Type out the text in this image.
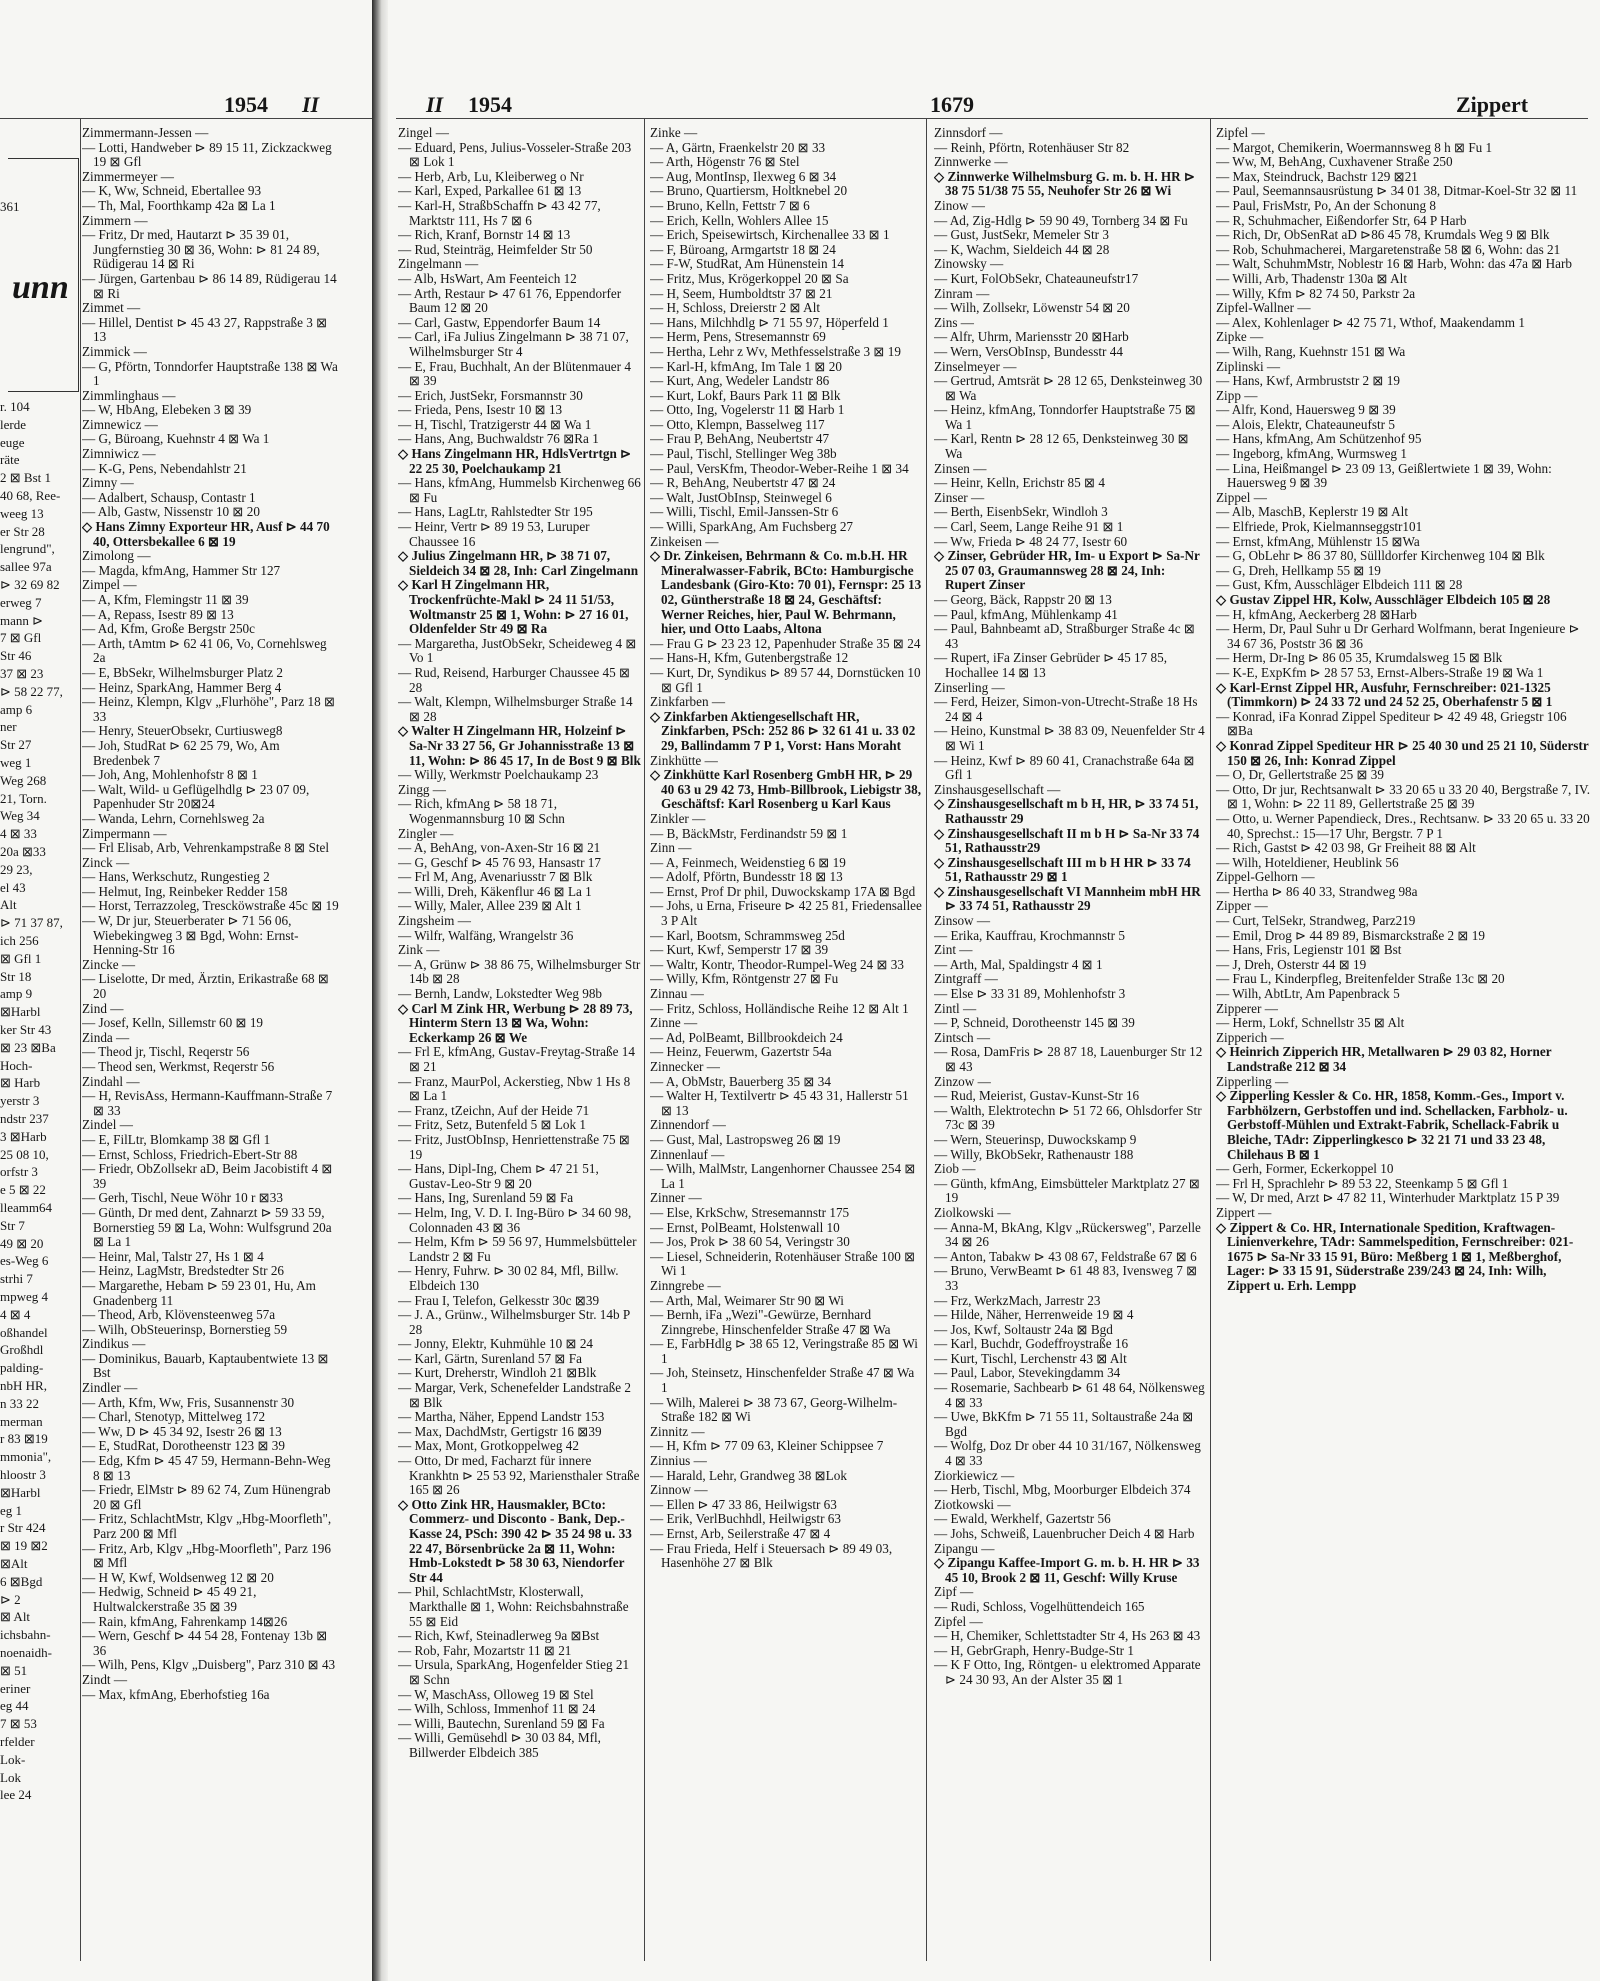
1954 II
361
unn
r. 104
lerde
euge
räte
2 ⊠ Bst 1
40 68, Ree-
weeg 13
er Str 28
lengrund",
sallee 97a
⊳ 32 69 82
erweg 7
mann ⊳
7 ⊠ Gfl
Str 46
37 ⊠ 23
⊳ 58 22 77,
amp 6
ner
Str 27
weg 1
Weg 268
21, Torn.
Weg 34
4 ⊠ 33
20a ⊠33
29 23,
el 43
Alt
⊳ 71 37 87,
ich 256
⊠ Gfl 1
Str 18
amp 9
⊠Harbl
ker Str 43
⊠ 23 ⊠Ba
Hoch-
⊠ Harb
yerstr 3
ndstr 237
3 ⊠Harb
25 08 10,
orfstr 3
e 5 ⊠ 22
lleamm64
Str 7
49 ⊠ 20
es-Weg 6
strhi 7
mpweg 4
4 ⊠ 4
oßhandel
Großhdl
palding-
nbH HR,
n 33 22
merman
r 83 ⊠19
mmonia",
hloostr 3
⊠Harbl
eg 1
r Str 424
⊠ 19 ⊠2
⊠Alt
6 ⊠Bgd
⊳ 2
⊠ Alt
ichsbahn-
noenaidh-
⊠ 51
eriner
eg 44
7 ⊠ 53
rfelder
Lok-
Lok
lee 24
Zimmermann-Jessen —
— Lotti, Handweber ⊳ 89 15 11, Zickzackweg 19 ⊠ Gfl
Zimmermeyer —
— K, Ww, Schneid, Ebertallee 93
— Th, Mal, Foorthkamp 42a ⊠ La 1
Zimmern —
— Fritz, Dr med, Hautarzt ⊳ 35 39 01, Jungfernstieg 30 ⊠ 36, Wohn: ⊳ 81 24 89, Rüdigerau 14 ⊠ Ri
— Jürgen, Gartenbau ⊳ 86 14 89, Rüdigerau 14 ⊠ Ri
Zimmet —
— Hillel, Dentist ⊳ 45 43 27, Rappstraße 3 ⊠ 13
Zimmick —
— G, Pförtn, Tonndorfer Hauptstraße 138 ⊠ Wa 1
Zimmlinghaus —
— W, HbAng, Elebeken 3 ⊠ 39
Zimnewicz —
— G, Büroang, Kuehnstr 4 ⊠ Wa 1
Zimniwicz —
— K-G, Pens, Nebendahlstr 21
Zimny —
— Adalbert, Schausp, Contastr 1
— Alb, Gastw, Nissenstr 10 ⊠ 20
◇ Hans Zimny Exporteur HR, Ausf ⊳ 44 70 40, Ottersbekallee 6 ⊠ 19
Zimolong —
— Magda, kfmAng, Hammer Str 127
Zimpel —
— A, Kfm, Flemingstr 11 ⊠ 39
— A, Repass, Isestr 89 ⊠ 13
— Ad, Kfm, Große Bergstr 250c
— Arth, tAmtm ⊳ 62 41 06, Vo, Cornehlsweg 2a
— E, BbSekr, Wilhelmsburger Platz 2
— Heinz, SparkAng, Hammer Berg 4
— Heinz, Klempn, Klgv „Flurhöhe", Parz 18 ⊠ 33
— Henry, SteuerObsekr, Curtiusweg8
— Joh, StudRat ⊳ 62 25 79, Wo, Am Bredenbek 7
— Joh, Ang, Mohlenhofstr 8 ⊠ 1
— Walt, Wild- u Geflügelhdlg ⊳ 23 07 09, Papenhuder Str 20⊠24
— Wanda, Lehrn, Cornehlsweg 2a
Zimpermann —
— Frl Elisab, Arb, Vehrenkampstraße 8 ⊠ Stel
Zinck —
— Hans, Werkschutz, Rungestieg 2
— Helmut, Ing, Reinbeker Redder 158
— Horst, Terrazzoleg, Trescköwstraße 45c ⊠ 19
— W, Dr jur, Steuerberater ⊳ 71 56 06, Wiebekingweg 3 ⊠ Bgd, Wohn: Ernst-Henning-Str 16
Zincke —
— Liselotte, Dr med, Ärztin, Erikastraße 68 ⊠ 20
Zind —
— Josef, Kelln, Sillemstr 60 ⊠ 19
Zinda —
— Theod jr, Tischl, Reqerstr 56
— Theod sen, Werkmst, Reqerstr 56
Zindahl —
— H, RevisAss, Hermann-Kauffmann-Straße 7 ⊠ 33
Zindel —
— E, FilLtr, Blomkamp 38 ⊠ Gfl 1
— Ernst, Schloss, Friedrich-Ebert-Str 88
— Friedr, ObZollsekr aD, Beim Jacobistift 4 ⊠ 39
— Gerh, Tischl, Neue Wöhr 10 r ⊠33
— Günth, Dr med dent, Zahnarzt ⊳ 59 33 59, Bornerstieg 59 ⊠ La, Wohn: Wulfsgrund 20a ⊠ La 1
— Heinr, Mal, Talstr 27, Hs 1 ⊠ 4
— Heinz, LagMstr, Bredstedter Str 26
— Margarethe, Hebam ⊳ 59 23 01, Hu, Am Gnadenberg 11
— Theod, Arb, Klövensteenweg 57a
— Wilh, ObSteuerinsp, Bornerstieg 59
Zindikus —
— Dominikus, Bauarb, Kaptaubentwiete 13 ⊠ Bst
Zindler —
— Arth, Kfm, Ww, Fris, Susannenstr 30
— Charl, Stenotyp, Mittelweg 172
— Ww, D ⊳ 45 34 92, Isestr 26 ⊠ 13
— E, StudRat, Dorotheenstr 123 ⊠ 39
— Edg, Kfm ⊳ 45 47 59, Hermann-Behn-Weg 8 ⊠ 13
— Friedr, ElMstr ⊳ 89 62 74, Zum Hünengrab 20 ⊠ Gfl
— Fritz, SchlachtMstr, Klgv „Hbg-Moorfleth", Parz 200 ⊠ Mfl
— Fritz, Arb, Klgv „Hbg-Moorfleth", Parz 196 ⊠ Mfl
— H W, Kwf, Woldsenweg 12 ⊠ 20
— Hedwig, Schneid ⊳ 45 49 21, Hultwalckerstraße 35 ⊠ 39
— Rain, kfmAng, Fahrenkamp 14⊠26
— Wern, Geschf ⊳ 44 54 28, Fontenay 13b ⊠ 36
— Wilh, Pens, Klgv „Duisberg", Parz 310 ⊠ 43
Zindt —
— Max, kfmAng, Eberhofstieg 16a
II 1954	1679	Zippert
Zingel —
— Eduard, Pens, Julius-Vosseler-Straße 203 ⊠ Lok 1
— Herb, Arb, Lu, Kleiberweg o Nr
— Karl, Exped, Parkallee 61 ⊠ 13
— Karl-H, StraßbSchaffn ⊳ 43 42 77, Marktstr 111, Hs 7 ⊠ 6
— Rich, Kranf, Bornstr 14 ⊠ 13
— Rud, Steinträg, Heimfelder Str 50
Zingelmann —
— Alb, HsWart, Am Feenteich 12
— Arth, Restaur ⊳ 47 61 76, Eppendorfer Baum 12 ⊠ 20
— Carl, Gastw, Eppendorfer Baum 14
— Carl, iFa Julius Zingelmann ⊳ 38 71 07, Wilhelmsburger Str 4
— E, Frau, Buchhalt, An der Blütenmauer 4 ⊠ 39
— Erich, JustSekr, Forsmannstr 30
— Frieda, Pens, Isestr 10 ⊠ 13
— H, Tischl, Tratzigerstr 44 ⊠ Wa 1
— Hans, Ang, Buchwaldstr 76 ⊠Ra 1
◇ Hans Zingelmann HR, HdlsVertrtgn ⊳ 22 25 30, Poelchaukamp 21
— Hans, kfmAng, Hummelsb Kirchenweg 66 ⊠ Fu
— Hans, LagLtr, Rahlstedter Str 195
— Heinr, Vertr ⊳ 89 19 53, Luruper Chaussee 16
◇ Julius Zingelmann HR, ⊳ 38 71 07, Sieldeich 34 ⊠ 28, Inh: Carl Zingelmann
◇ Karl H Zingelmann HR, Trockenfrüchte-Makl ⊳ 24 11 51/53, Woltmanstr 25 ⊠ 1, Wohn: ⊳ 27 16 01, Oldenfelder Str 49 ⊠ Ra
— Margaretha, JustObSekr, Scheideweg 4 ⊠ Vo 1
— Rud, Reisend, Harburger Chaussee 45 ⊠ 28
— Walt, Klempn, Wilhelmsburger Straße 14 ⊠ 28
◇ Walter H Zingelmann HR, Holzeinf ⊳ Sa-Nr 33 27 56, Gr Johannisstraße 13 ⊠ 11, Wohn: ⊳ 86 45 17, In de Bost 9 ⊠ Blk
— Willy, Werkmstr Poelchaukamp 23
Zingg —
— Rich, kfmAng ⊳ 58 18 71, Wogenmannsburg 10 ⊠ Schn
Zingler —
— A, BehAng, von-Axen-Str 16 ⊠ 21
— G, Geschf ⊳ 45 76 93, Hansastr 17
— Frl M, Ang, Avenariusstr 7 ⊠ Blk
— Willi, Dreh, Käkenflur 46 ⊠ La 1
— Willy, Maler, Allee 239 ⊠ Alt 1
Zingsheim —
— Wilfr, Walfäng, Wrangelstr 36
Zink —
— A, Grünw ⊳ 38 86 75, Wilhelmsburger Str 14b ⊠ 28
— Bernh, Landw, Lokstedter Weg 98b
◇ Carl M Zink HR, Werbung ⊳ 28 89 73, Hinterm Stern 13 ⊠ Wa, Wohn: Eckerkamp 26 ⊠ We
— Frl E, kfmAng, Gustav-Freytag-Straße 14 ⊠ 21
— Franz, MaurPol, Ackerstieg, Nbw 1 Hs 8 ⊠ La 1
— Franz, tZeichn, Auf der Heide 71
— Fritz, Setz, Butenfeld 5 ⊠ Lok 1
— Fritz, JustObInsp, Henriettenstraße 75 ⊠ 19
— Hans, Dipl-Ing, Chem ⊳ 47 21 51, Gustav-Leo-Str 9 ⊠ 20
— Hans, Ing, Surenland 59 ⊠ Fa
— Helm, Ing, V. D. I. Ing-Büro ⊳ 34 60 98, Colonnaden 43 ⊠ 36
— Helm, Kfm ⊳ 59 56 97, Hummelsbütteler Landstr 2 ⊠ Fu
— Henry, Fuhrw. ⊳ 30 02 84, Mfl, Billw. Elbdeich 130
— Frau I, Telefon, Gelkesstr 30c ⊠39
— J. A., Grünw., Wilhelmsburger Str. 14b P 28
— Jonny, Elektr, Kuhmühle 10 ⊠ 24
— Karl, Gärtn, Surenland 57 ⊠ Fa
— Kurt, Dreherstr, Windloh 21 ⊠Blk
— Margar, Verk, Schenefelder Landstraße 2 ⊠ Blk
— Martha, Näher, Eppend Landstr 153
— Max, DachdMstr, Gertigstr 16 ⊠39
— Max, Mont, Grotkoppelweg 42
— Otto, Dr med, Facharzt für innere Krankhtn ⊳ 25 53 92, Mariensthaler Straße 165 ⊠ 26
◇ Otto Zink HR, Hausmakler, BCto: Commerz- und Disconto - Bank, Dep.-Kasse 24, PSch: 390 42 ⊳ 35 24 98 u. 33 22 47, Börsenbrücke 2a ⊠ 11, Wohn: Hmb-Lokstedt ⊳ 58 30 63, Niendorfer Str 44
— Phil, SchlachtMstr, Klosterwall, Markthalle ⊠ 1, Wohn: Reichsbahnstraße 55 ⊠ Eid
— Rich, Kwf, Steinadlerweg 9a ⊠Bst
— Rob, Fahr, Mozartstr 11 ⊠ 21
— Ursula, SparkAng, Hogenfelder Stieg 21 ⊠ Schn
— W, MaschAss, Olloweg 19 ⊠ Stel
— Wilh, Schloss, Immenhof 11 ⊠ 24
— Willi, Bautechn, Surenland 59 ⊠ Fa
— Willi, Gemüsehdl ⊳ 30 03 84, Mfl, Billwerder Elbdeich 385
Zinke —
— A, Gärtn, Fraenkelstr 20 ⊠ 33
— Arth, Högenstr 76 ⊠ Stel
— Aug, MontInsp, Ilexweg 6 ⊠ 34
— Bruno, Quartiersm, Holtknebel 20
— Bruno, Kelln, Fettstr 7 ⊠ 6
— Erich, Kelln, Wohlers Allee 15
— Erich, Speisewirtsch, Kirchenallee 33 ⊠ 1
— F, Büroang, Armgartstr 18 ⊠ 24
— F-W, StudRat, Am Hünenstein 14
— Fritz, Mus, Krögerkoppel 20 ⊠ Sa
— H, Seem, Humboldtstr 37 ⊠ 21
— H, Schloss, Dreierstr 2 ⊠ Alt
— Hans, Milchhdlg ⊳ 71 55 97, Höperfeld 1
— Herm, Pens, Stresemannstr 69
— Hertha, Lehr z Wv, Methfesselstraße 3 ⊠ 19
— Karl-H, kfmAng, Im Tale 1 ⊠ 20
— Kurt, Ang, Wedeler Landstr 86
— Kurt, Lokf, Baurs Park 11 ⊠ Blk
— Otto, Ing, Vogelerstr 11 ⊠ Harb 1
— Otto, Klempn, Basselweg 117
— Frau P, BehAng, Neubertstr 47
— Paul, Tischl, Stellinger Weg 38b
— Paul, VersKfm, Theodor-Weber-Reihe 1 ⊠ 34
— R, BehAng, Neubertstr 47 ⊠ 24
— Walt, JustObInsp, Steinwegel 6
— Willi, Tischl, Emil-Janssen-Str 6
— Willi, SparkAng, Am Fuchsberg 27
Zinkeisen —
◇ Dr. Zinkeisen, Behrmann & Co. m.b.H. HR Mineralwasser-Fabrik, BCto: Hamburgische Landesbank (Giro-Kto: 70 01), Fernspr: 25 13 02, Güntherstraße 18 ⊠ 24, Geschäftsf: Werner Reiches, hier, Paul W. Behrmann, hier, und Otto Laabs, Altona
— Frau G ⊳ 23 23 12, Papenhuder Straße 35 ⊠ 24
— Hans-H, Kfm, Gutenbergstraße 12
— Kurt, Dr, Syndikus ⊳ 89 57 44, Dornstücken 10 ⊠ Gfl 1
Zinkfarben —
◇ Zinkfarben Aktiengesellschaft HR, Zinkfarben, PSch: 252 86 ⊳ 32 61 41 u. 33 02 29, Ballindamm 7 P 1, Vorst: Hans Moraht
Zinkhütte —
◇ Zinkhütte Karl Rosenberg GmbH HR, ⊳ 29 40 63 u 29 42 73, Hmb-Billbrook, Liebigstr 38, Geschäftsf: Karl Rosenberg u Karl Kaus
Zinkler —
— B, BäckMstr, Ferdinandstr 59 ⊠ 1
Zinn —
— A, Feinmech, Weidenstieg 6 ⊠ 19
— Adolf, Pförtn, Bundesstr 18 ⊠ 13
— Ernst, Prof Dr phil, Duwockskamp 17A ⊠ Bgd
— Johs, u Erna, Friseure ⊳ 42 25 81, Friedensallee 3 P Alt
— Karl, Bootsm, Schrammsweg 25d
— Kurt, Kwf, Semperstr 17 ⊠ 39
— Waltr, Kontr, Theodor-Rumpel-Weg 24 ⊠ 33
— Willy, Kfm, Röntgenstr 27 ⊠ Fu
Zinnau —
— Fritz, Schloss, Holländische Reihe 12 ⊠ Alt 1
Zinne —
— Ad, PolBeamt, Billbrookdeich 24
— Heinz, Feuerwm, Gazertstr 54a
Zinnecker —
— A, ObMstr, Bauerberg 35 ⊠ 34
— Walter H, Textilvertr ⊳ 45 43 31, Hallerstr 51 ⊠ 13
Zinnendorf —
— Gust, Mal, Lastropsweg 26 ⊠ 19
Zinnenlauf —
— Wilh, MalMstr, Langenhorner Chaussee 254 ⊠ La 1
Zinner —
— Else, KrkSchw, Stresemannstr 175
— Ernst, PolBeamt, Holstenwall 10
— Jos, Prok ⊳ 38 60 54, Veringstr 30
— Liesel, Schneiderin, Rotenhäuser Straße 100 ⊠ Wi 1
Zinngrebe —
— Arth, Mal, Weimarer Str 90 ⊠ Wi
— Bernh, iFa „Wezi"-Gewürze, Bernhard Zinngrebe, Hinschenfelder Straße 47 ⊠ Wa
— E, FarbHdlg ⊳ 38 65 12, Veringstraße 85 ⊠ Wi 1
— Joh, Steinsetz, Hinschenfelder Straße 47 ⊠ Wa 1
— Wilh, Malerei ⊳ 38 73 67, Georg-Wilhelm-Straße 182 ⊠ Wi
Zinnitz —
— H, Kfm ⊳ 77 09 63, Kleiner Schippsee 7
Zinnius —
— Harald, Lehr, Grandweg 38 ⊠Lok
Zinnow —
— Ellen ⊳ 47 33 86, Heilwigstr 63
— Erik, VerlBuchhdl, Heilwigstr 63
— Ernst, Arb, Seilerstraße 47 ⊠ 4
— Frau Frieda, Helf i Steuersach ⊳ 89 49 03, Hasenhöhe 27 ⊠ Blk
Zinnsdorf —
— Reinh, Pförtn, Rotenhäuser Str 82
Zinnwerke —
◇ Zinnwerke Wilhelmsburg G. m. b. H. HR ⊳ 38 75 51/38 75 55, Neuhofer Str 26 ⊠ Wi
Zinow —
— Ad, Zig-Hdlg ⊳ 59 90 49, Tornberg 34 ⊠ Fu
— Gust, JustSekr, Memeler Str 3
— K, Wachm, Sieldeich 44 ⊠ 28
Zinowsky —
— Kurt, FolObSekr, Chateauneufstr17
Zinram —
— Wilh, Zollsekr, Löwenstr 54 ⊠ 20
Zins —
— Alfr, Uhrm, Mariensstr 20 ⊠Harb
— Wern, VersObInsp, Bundesstr 44
Zinselmeyer —
— Gertrud, Amtsrät ⊳ 28 12 65, Denksteinweg 30 ⊠ Wa
— Heinz, kfmAng, Tonndorfer Hauptstraße 75 ⊠ Wa 1
— Karl, Rentn ⊳ 28 12 65, Denksteinweg 30 ⊠ Wa
Zinsen —
— Heinr, Kelln, Erichstr 85 ⊠ 4
Zinser —
— Berth, EisenbSekr, Windloh 3
— Carl, Seem, Lange Reihe 91 ⊠ 1
— Ww, Frieda ⊳ 48 24 77, Isestr 60
◇ Zinser, Gebrüder HR, Im- u Export ⊳ Sa-Nr 25 07 03, Graumannsweg 28 ⊠ 24, Inh: Rupert Zinser
— Georg, Bäck, Rappstr 20 ⊠ 13
— Paul, kfmAng, Mühlenkamp 41
— Paul, Bahnbeamt aD, Straßburger Straße 4c ⊠ 43
— Rupert, iFa Zinser Gebrüder ⊳ 45 17 85, Hochallee 14 ⊠ 13
Zinserling —
— Ferd, Heizer, Simon-von-Utrecht-Straße 18 Hs 24 ⊠ 4
— Heino, Kunstmal ⊳ 38 83 09, Neuenfelder Str 4 ⊠ Wi 1
— Heinz, Kwf ⊳ 89 60 41, Cranachstraße 64a ⊠ Gfl 1
Zinshausgesellschaft —
◇ Zinshausgesellschaft m b H, HR, ⊳ 33 74 51, Rathausstr 29
◇ Zinshausgesellschaft II m b H ⊳ Sa-Nr 33 74 51, Rathausstr29
◇ Zinshausgesellschaft III m b H HR ⊳ 33 74 51, Rathausstr 29 ⊠ 1
◇ Zinshausgesellschaft VI Mannheim mbH HR ⊳ 33 74 51, Rathausstr 29
Zinsow —
— Erika, Kauffrau, Krochmannstr 5
Zint —
— Arth, Mal, Spaldingstr 4 ⊠ 1
Zintgraff —
— Else ⊳ 33 31 89, Mohlenhofstr 3
Zintl —
— P, Schneid, Dorotheenstr 145 ⊠ 39
Zintsch —
— Rosa, DamFris ⊳ 28 87 18, Lauenburger Str 12 ⊠ 43
Zinzow —
— Rud, Meierist, Gustav-Kunst-Str 16
— Walth, Elektrotechn ⊳ 51 72 66, Ohlsdorfer Str 73c ⊠ 39
— Wern, Steuerinsp, Duwockskamp 9
— Willy, BkObSekr, Rathenaustr 188
Ziob —
— Günth, kfmAng, Eimsbütteler Marktplatz 27 ⊠ 19
Ziolkowski —
— Anna-M, BkAng, Klgv „Rückersweg", Parzelle 34 ⊠ 26
— Anton, Tabakw ⊳ 43 08 67, Feldstraße 67 ⊠ 6
— Bruno, VerwBeamt ⊳ 61 48 83, Ivensweg 7 ⊠ 33
— Frz, WerkzMach, Jarrestr 23
— Hilde, Näher, Herrenweide 19 ⊠ 4
— Jos, Kwf, Soltaustr 24a ⊠ Bgd
— Karl, Buchdr, Godeffroystraße 16
— Kurt, Tischl, Lerchenstr 43 ⊠ Alt
— Paul, Labor, Stevekingdamm 34
— Rosemarie, Sachbearb ⊳ 61 48 64, Nölkensweg 4 ⊠ 33
— Uwe, BkKfm ⊳ 71 55 11, Soltaustraße 24a ⊠ Bgd
— Wolfg, Doz Dr ober 44 10 31/167, Nölkensweg 4 ⊠ 33
Ziorkiewicz —
— Herb, Tischl, Mbg, Moorburger Elbdeich 374
Ziotkowski —
— Ewald, Werkhelf, Gazertstr 56
— Johs, Schweiß, Lauenbrucher Deich 4 ⊠ Harb
Zipangu —
◇ Zipangu Kaffee-Import G. m. b. H. HR ⊳ 33 45 10, Brook 2 ⊠ 11, Geschf: Willy Kruse
Zipf —
— Rudi, Schloss, Vogelhüttendeich 165
Zipfel —
— H, Chemiker, Schlettstadter Str 4, Hs 263 ⊠ 43
— H, GebrGraph, Henry-Budge-Str 1
— K F Otto, Ing, Röntgen- u elektromed Apparate ⊳ 24 30 93, An der Alster 35 ⊠ 1
Zipfel —
— Margot, Chemikerin, Woermannsweg 8 h ⊠ Fu 1
— Ww, M, BehAng, Cuxhavener Straße 250
— Max, Steindruck, Bachstr 129 ⊠21
— Paul, Seemannsausrüstung ⊳ 34 01 38, Ditmar-Koel-Str 32 ⊠ 11
— Paul, FrisMstr, Po, An der Schonung 8
— R, Schuhmacher, Eißendorfer Str, 64 P Harb
— Rich, Dr, ObSenRat aD ⊳86 45 78, Krumdals Weg 9 ⊠ Blk
— Rob, Schuhmacherei, Margaretenstraße 58 ⊠ 6, Wohn: das 21
— Walt, SchuhmMstr, Noblestr 16 ⊠ Harb, Wohn: das 47a ⊠ Harb
— Willi, Arb, Thadenstr 130a ⊠ Alt
— Willy, Kfm ⊳ 82 74 50, Parkstr 2a
Zipfel-Wallner —
— Alex, Kohlenlager ⊳ 42 75 71, Wthof, Maakendamm 1
Zipke —
— Wilh, Rang, Kuehnstr 151 ⊠ Wa
Ziplinski —
— Hans, Kwf, Armbruststr 2 ⊠ 19
Zipp —
— Alfr, Kond, Hauersweg 9 ⊠ 39
— Alois, Elektr, Chateauneufstr 5
— Hans, kfmAng, Am Schützenhof 95
— Ingeborg, kfmAng, Wurmsweg 1
— Lina, Heißmangel ⊳ 23 09 13, Geißlertwiete 1 ⊠ 39, Wohn: Hauersweg 9 ⊠ 39
Zippel —
— Alb, MaschB, Keplerstr 19 ⊠ Alt
— Elfriede, Prok, Kielmannseggstr101
— Ernst, kfmAng, Mühlenstr 15 ⊠Wa
— G, ObLehr ⊳ 86 37 80, Süllldorfer Kirchenweg 104 ⊠ Blk
— G, Dreh, Hellkamp 55 ⊠ 19
— Gust, Kfm, Ausschläger Elbdeich 111 ⊠ 28
◇ Gustav Zippel HR, Kolw, Ausschläger Elbdeich 105 ⊠ 28
— H, kfmAng, Aeckerberg 28 ⊠Harb
— Herm, Dr, Paul Suhr u Dr Gerhard Wolfmann, berat Ingenieure ⊳ 34 67 36, Poststr 36 ⊠ 36
— Herm, Dr-Ing ⊳ 86 05 35, Krumdalsweg 15 ⊠ Blk
— K-E, ExpKfm ⊳ 28 57 53, Ernst-Albers-Straße 19 ⊠ Wa 1
◇ Karl-Ernst Zippel HR, Ausfuhr, Fernschreiber: 021-1325 (Timmkorn) ⊳ 24 33 72 und 24 52 25, Oberhafenstr 5 ⊠ 1
— Konrad, iFa Konrad Zippel Spediteur ⊳ 42 49 48, Griegstr 106 ⊠Ba
◇ Konrad Zippel Spediteur HR ⊳ 25 40 30 und 25 21 10, Süderstr 150 ⊠ 26, Inh: Konrad Zippel
— O, Dr, Gellertstraße 25 ⊠ 39
— Otto, Dr jur, Rechtsanwalt ⊳ 33 20 65 u 33 20 40, Bergstraße 7, IV. ⊠ 1, Wohn: ⊳ 22 11 89, Gellertstraße 25 ⊠ 39
— Otto, u. Werner Papendieck, Dres., Rechtsanw. ⊳ 33 20 65 u. 33 20 40, Sprechst.: 15—17 Uhr, Bergstr. 7 P 1
— Rich, Gastst ⊳ 42 03 98, Gr Freiheit 88 ⊠ Alt
— Wilh, Hoteldiener, Heublink 56
Zippel-Gelhorn —
— Hertha ⊳ 86 40 33, Strandweg 98a
Zipper —
— Curt, TelSekr, Strandweg, Parz219
— Emil, Drog ⊳ 44 89 89, Bismarckstraße 2 ⊠ 19
— Hans, Fris, Legienstr 101 ⊠ Bst
— J, Dreh, Osterstr 44 ⊠ 19
— Frau L, Kinderpfleg, Breitenfelder Straße 13c ⊠ 20
— Wilh, AbtLtr, Am Papenbrack 5
Zipperer —
— Herm, Lokf, Schnellstr 35 ⊠ Alt
Zipperich —
◇ Heinrich Zipperich HR, Metallwaren ⊳ 29 03 82, Horner Landstraße 212 ⊠ 34
Zipperling —
◇ Zipperling Kessler & Co. HR, 1858, Komm.-Ges., Import v. Farbhölzern, Gerbstoffen und ind. Schellacken, Farbholz- u. Gerbstoff-Mühlen und Extrakt-Fabrik, Schellack-Fabrik u Bleiche, TAdr: Zipperlingkesco ⊳ 32 21 71 und 33 23 48, Chilehaus B ⊠ 1
— Gerh, Former, Eckerkoppel 10
— Frl H, Sprachlehr ⊳ 89 53 22, Steenkamp 5 ⊠ Gfl 1
— W, Dr med, Arzt ⊳ 47 82 11, Winterhuder Marktplatz 15 P 39
Zippert —
◇ Zippert & Co. HR, Internationale Spedition, Kraftwagen-Linienverkehre, TAdr: Sammelspedition, Fernschreiber: 021-1675 ⊳ Sa-Nr 33 15 91, Büro: Meßberg 1 ⊠ 1, Meßberghof, Lager: ⊳ 33 15 91, Süderstraße 239/243 ⊠ 24, Inh: Wilh, Zippert u. Erh. Lempp
